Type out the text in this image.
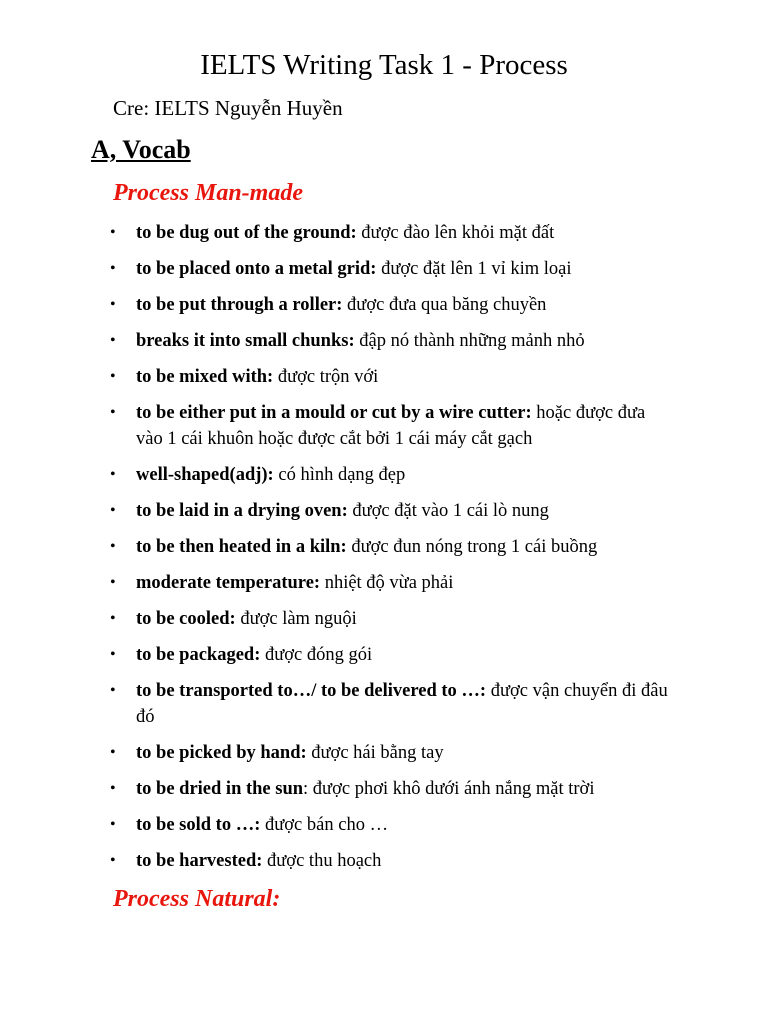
IELTS Writing Task 1 - Process
Cre: IELTS Nguyễn Huyền
A, Vocab
Process Man-made
• to be dug out of the ground: được đào lên khỏi mặt đất
• to be placed onto a metal grid: được đặt lên 1 vỉ kim loại
• to be put through a roller: được đưa qua băng chuyền
• breaks it into small chunks: đập nó thành những mảnh nhỏ
• to be mixed with: được trộn với
• to be either put in a mould or cut by a wire cutter: hoặc được đưa vào 1 cái khuôn hoặc được cắt bởi 1 cái máy cắt gạch
• well-shaped(adj): có hình dạng đẹp
• to be laid in a drying oven: được đặt vào 1 cái lò nung
• to be then heated in a kiln: được đun nóng trong 1 cái buồng
• moderate temperature: nhiệt độ vừa phải
• to be cooled: được làm nguội
• to be packaged: được đóng gói
• to be transported to…/ to be delivered to …: được vận chuyển đi đâu đó
• to be picked by hand: được hái bằng tay
• to be dried in the sun: được phơi khô dưới ánh nắng mặt trời
• to be sold to …: được bán cho …
• to be harvested: được thu hoạch
Process Natural:
